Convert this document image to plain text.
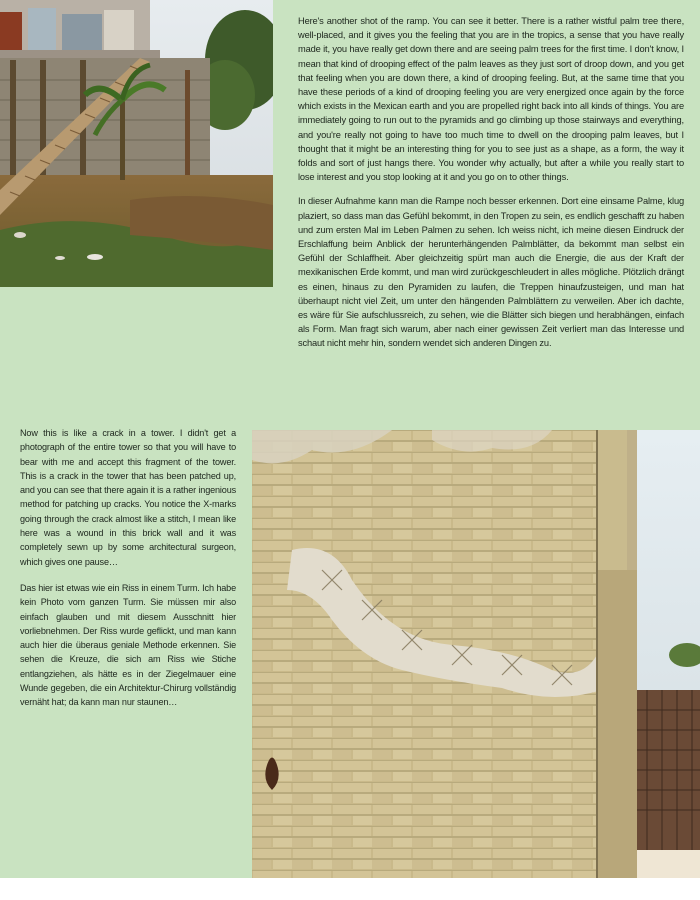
Here's another shot of the ramp. You can see it better. There is a rather wistful palm tree there, well-placed, and it gives you the feeling that you are in the tropics, a sense that you have really made it, you have really get down there and are seeing palm trees for the first time. I don't know, I mean that kind of drooping effect of the palm leaves as they just sort of droop down, and you get that feeling when you are down there, a kind of drooping feeling. But, at the same time that you have these periods of a kind of drooping feeling you are very energized once again by the force which exists in the Mexican earth and you are propelled right back into all kinds of things. You are immediately going to run out to the pyramids and go climbing up those stairways and everything, and you're really not going to have too much time to dwell on the drooping palm leaves, but I thought that it might be an interesting thing for you to see just as a shape, as a form, the way it folds and sort of just hangs there. You wonder why actually, but after a while you really start to lose interest and you stop looking at it and you go on to other things.

In dieser Aufnahme kann man die Rampe noch besser erkennen. Dort eine einsame Palme, klug plaziert, so dass man das Gefühl bekommt, in den Tropen zu sein, es endlich geschafft zu haben und zum ersten Mal im Leben Palmen zu sehen. Ich weiss nicht, ich meine diesen Eindruck der Erschlaffung beim Anblick der herunterhängenden Palmblätter, da bekommt man selbst ein Gefühl der Schlaffheit. Aber gleichzeitig spürt man auch die Energie, die aus der Kraft der mexikanischen Erde kommt, und man wird zurückgeschleudert in alles mögliche. Plötzlich drängt es einen, hinaus zu den Pyramiden zu laufen, die Treppen hinaufzusteigen, und man hat überhaupt nicht viel Zeit, um unter den hängenden Palmblättern zu verweilen. Aber ich dachte, es wäre für Sie aufschlussreich, zu sehen, wie die Blätter sich biegen und herabhängen, einfach als Form. Man fragt sich warum, aber nach einer gewissen Zeit verliert man das Interesse und schaut nicht mehr hin, sondern wendet sich anderen Dingen zu.

Now this is like a crack in a tower. I didn't get a photograph of the entire tower so that you will have to bear with me and accept this fragment of the tower. This is a crack in the tower that has been patched up, and you can see that there again it is a rather ingenious method for patching up cracks. You notice the X-marks going through the crack almost like a stitch, I mean like here was a wound in this brick wall and it was completely sewn up by some architectural surgeon, which gives one pause…

Das hier ist etwas wie ein Riss in einem Turm. Ich habe kein Photo vom ganzen Turm. Sie müssen mir also einfach glauben und mit diesem Ausschnitt hier vorliebnehmen. Der Riss wurde geflickt, und man kann auch hier die überaus geniale Methode erkennen. Sie sehen die Kreuze, die sich am Riss wie Stiche entlangziehen, als hätte es in der Ziegelmauer eine Wunde gegeben, die ein Architektur-Chirurg vollständig vernäht hat; da kann man nur staunen…
